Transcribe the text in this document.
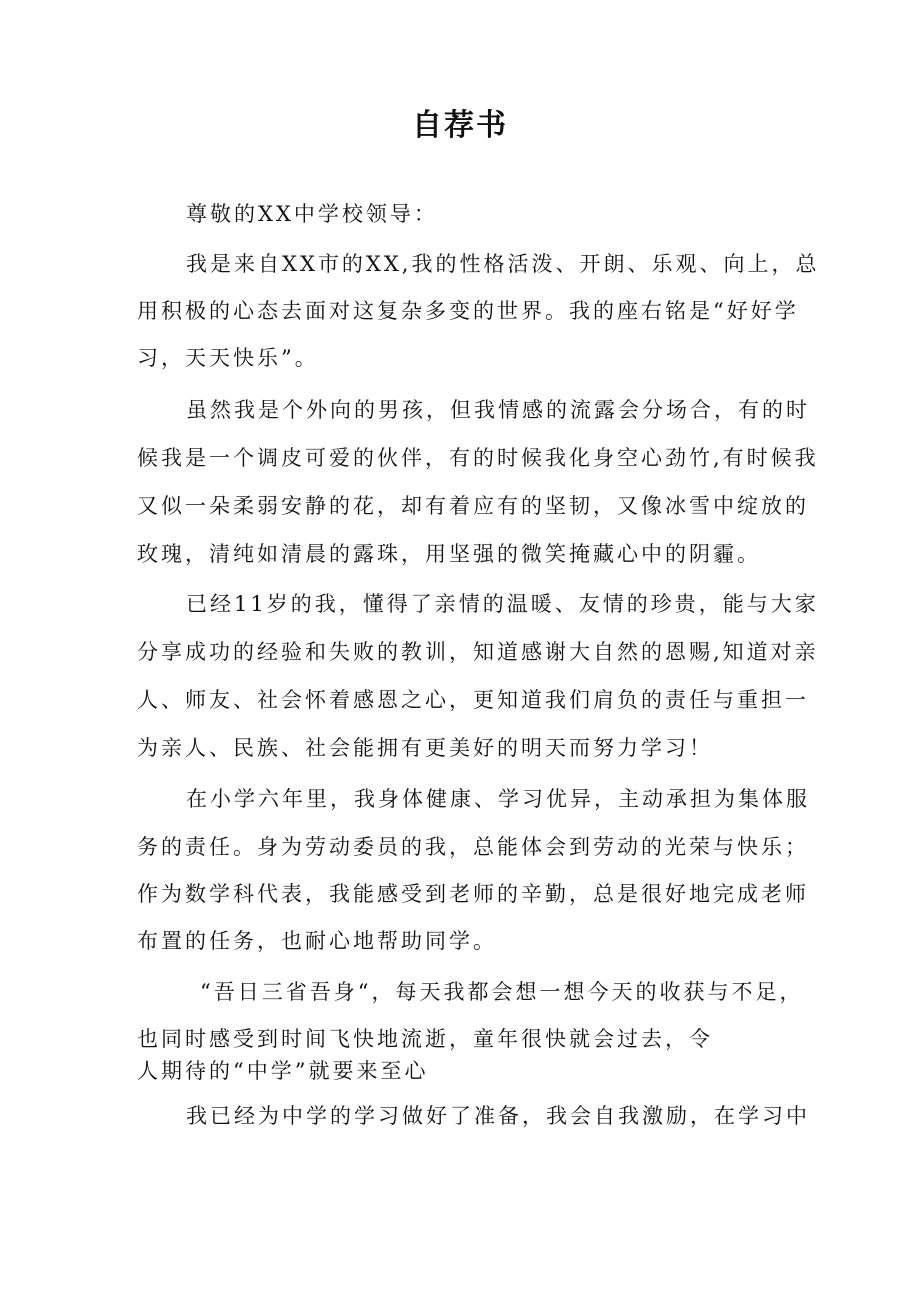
自荐书
尊敬的XX中学校领导：
我是来自XX市的XX,我的性格活泼、开朗、乐观、向上，总
用积极的心态去面对这复杂多变的世界。我的座右铭是“好好学
习，天天快乐”。
虽然我是个外向的男孩，但我情感的流露会分场合，有的时
候我是一个调皮可爱的伙伴，有的时候我化身空心劲竹,有时候我
又似一朵柔弱安静的花，却有着应有的坚韧，又像冰雪中绽放的
玫瑰，清纯如清晨的露珠，用坚强的微笑掩藏心中的阴霾。
已经11岁的我，懂得了亲情的温暖、友情的珍贵，能与大家
分享成功的经验和失败的教训，知道感谢大自然的恩赐,知道对亲
人、师友、社会怀着感恩之心，更知道我们肩负的责任与重担一
为亲人、民族、社会能拥有更美好的明天而努力学习！
在小学六年里，我身体健康、学习优异，主动承担为集体服
务的责任。身为劳动委员的我，总能体会到劳动的光荣与快乐；
作为数学科代表，我能感受到老师的辛勤，总是很好地完成老师
布置的任务，也耐心地帮助同学。
“吾日三省吾身“，每天我都会想一想今天的收获与不足，
也同时感受到时间飞快地流逝，童年很快就会过去，令
人期待的“中学”就要来至心
我已经为中学的学习做好了准备，我会自我激励，在学习中
